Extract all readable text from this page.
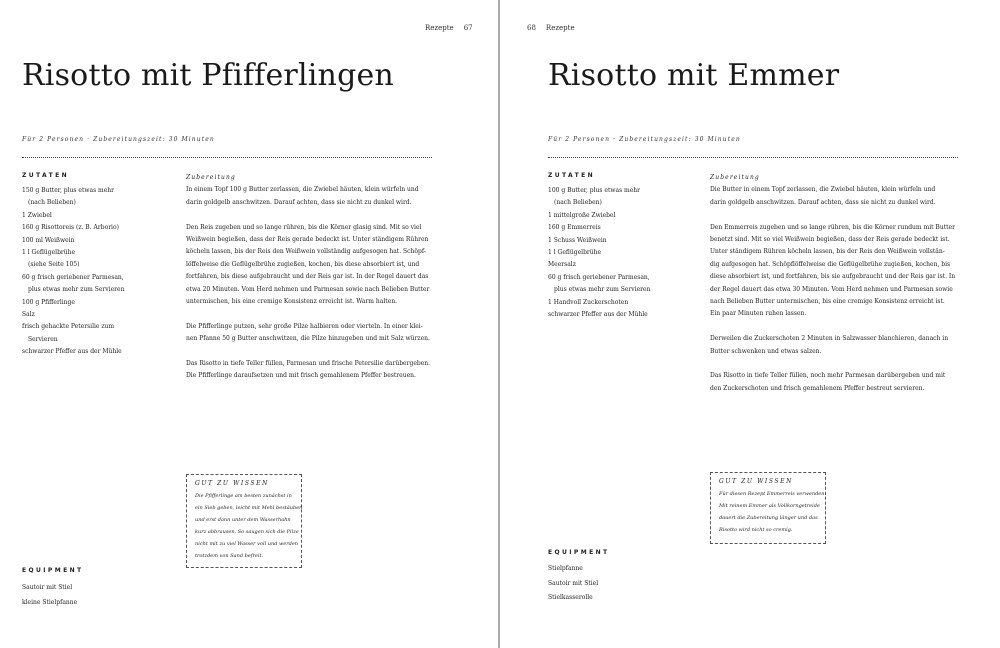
Rezepte 67
Risotto mit Pfifferlingen
Für 2 Personen · Zubereitungszeit: 30 Minuten
ZUTATEN
150 g Butter, plus etwas mehr
(nach Belieben)
1 Zwiebel
160 g Risottoreis (z. B. Arborio)
100 ml Weißwein
1 l Geflügelbrühe
(siehe Seite 105)
60 g frisch geriebener Parmesan,
plus etwas mehr zum Servieren
100 g Pfifferlinge
Salz
frisch gehackte Petersilie zum
Servieren
schwarzer Pfeffer aus der Mühle
Zubereitung

In einem Topf 100 g Butter zerlassen, die Zwiebel häuten, klein würfeln und
darin goldgelb anschwitzen. Darauf achten, dass sie nicht zu dunkel wird.

Den Reis zugeben und so lange rühren, bis die Körner glasig sind. Mit so viel
Weißwein begießen, dass der Reis gerade bedeckt ist. Unter ständigem Rühren
köcheln lassen, bis der Reis den Weißwein vollständig aufgesogen hat. Schöpf-
löffelweise die Geflügelbrühe zugießen, kochen, bis diese absorbiert ist, und
fortfahren, bis diese aufgebraucht und der Reis gar ist. In der Regel dauert das
etwa 20 Minuten. Vom Herd nehmen und Parmesan sowie nach Belieben Butter
untermischen, bis eine cremige Konsistenz erreicht ist. Warm halten.

Die Pfifferlinge putzen, sehr große Pilze halbieren oder vierteln. In einer klei-
nen Pfanne 50 g Butter anschwitzen, die Pilze hinzugeben und mit Salz würzen.

Das Risotto in tiefe Teller füllen, Parmesan und frische Petersilie darübergeben.
Die Pfifferlinge daraufsetzen und mit frisch gemahlenem Pfeffer bestreuen.

GUT ZU WISSEN
Die Pfifferlinge am besten zunächst in
ein Sieb geben, leicht mit Mehl bestäuben
und erst dann unter dem Wasserhahn
kurz abbrausen. So saugen sich die Pilze
nicht mit zu viel Wasser voll und werden
trotzdem von Sand befreit.
EQUIPMENT
Sautoir mit Stiel
kleine Stielpfanne
68 Rezepte
Risotto mit Emmer
Für 2 Personen · Zubereitungszeit: 30 Minuten
ZUTATEN
100 g Butter, plus etwas mehr
(nach Belieben)
1 mittelgroße Zwiebel
160 g Emmerreis
1 Schuss Weißwein
1 l Geflügelbrühe
Meersalz
60 g frisch geriebener Parmesan,
plus etwas mehr zum Servieren
1 Handvoll Zuckerschoten
schwarzer Pfeffer aus der Mühle
Zubereitung

Die Butter in einem Topf zerlassen, die Zwiebel häuten, klein würfeln und
darin goldgelb anschwitzen. Darauf achten, dass sie nicht zu dunkel wird.

Den Emmerreis zugeben und so lange rühren, bis die Körner rundum mit Butter
benetzt sind. Mit so viel Weißwein begießen, dass der Reis gerade bedeckt ist.
Unter ständigem Rühren köcheln lassen, bis der Reis den Weißwein vollstän-
dig aufgesogen hat. Schöpflöffelweise die Geflügelbrühe zugießen, kochen, bis
diese absorbiert ist, und fortfahren, bis sie aufgebraucht und der Reis gar ist. In
der Regel dauert das etwa 30 Minuten. Vom Herd nehmen und Parmesan sowie
nach Belieben Butter untermischen, bis eine cremige Konsistenz erreicht ist.
Ein paar Minuten ruhen lassen.

Derweilen die Zuckerschoten 2 Minuten in Salzwasser blanchieren, danach in
Butter schwenken und etwas salzen.

Das Risotto in tiefe Teller füllen, noch mehr Parmesan darübergeben und mit
den Zuckerschoten und frisch gemahlenem Pfeffer bestreut servieren.

GUT ZU WISSEN
Für diesen Rezept Emmerreis verwenden.
Mit reinem Emmer als Vollkorngetreide
dauert die Zubereitung länger und das
Risotto wird nicht so cremig.
EQUIPMENT
Stielpfanne
Sautoir mit Stiel
Stielkasserolle
